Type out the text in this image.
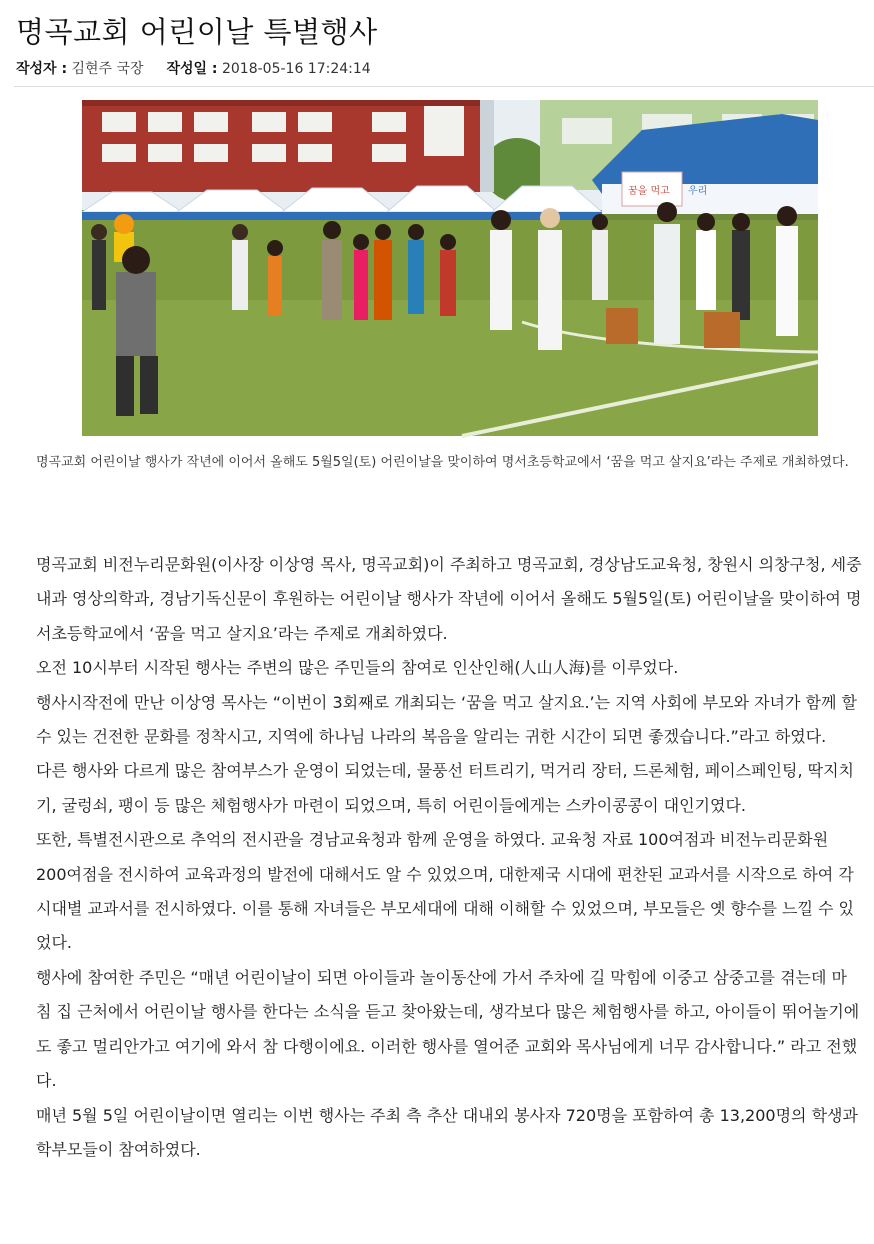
명곡교회 어린이날 특별행사
작성자 : 김현주 국장 작성일 : 2018-05-16 17:24:14
꿈을 먹고 우리
경남기독신문
명곡교회 어린이날 행사가 작년에 이어서 올해도 5월5일(토) 어린이날을 맞이하여 명서초등학교에서 ‘꿈을 먹고 살지요’라는 주제로 개최하였다.

명곡교회 비전누리문화원(이사장 이상영 목사, 명곡교회)이 주최하고 명곡교회, 경상남도교육청, 창원시 의창구청, 세중내과 영상의학과, 경남기독신문이 후원하는 어린이날 행사가 작년에 이어서 올해도 5월5일(토) 어린이날을 맞이하여 명서초등학교에서 ‘꿈을 먹고 살지요’라는 주제로 개최하였다.

오전 10시부터 시작된 행사는 주변의 많은 주민들의 참여로 인산인해(人山人海)를 이루었다.

행사시작전에 만난 이상영 목사는 “이번이 3회째로 개최되는 ‘꿈을 먹고 살지요.’는 지역 사회에 부모와 자녀가 함께 할 수 있는 건전한 문화를 정착시고, 지역에 하나님 나라의 복음을 알리는 귀한 시간이 되면 좋겠습니다.”라고 하였다.

다른 행사와 다르게 많은 참여부스가 운영이 되었는데, 물풍선 터트리기, 먹거리 장터, 드론체험, 페이스페인팅, 딱지치기, 굴렁쇠, 팽이 등 많은 체험행사가 마련이 되었으며, 특히 어린이들에게는 스카이콩콩이 대인기였다.

또한, 특별전시관으로 추억의 전시관을 경남교육청과 함께 운영을 하였다. 교육청 자료 100여점과 비전누리문화원 200여점을 전시하여 교육과정의 발전에 대해서도 알 수 있었으며, 대한제국 시대에 편찬된 교과서를 시작으로 하여 각 시대별 교과서를 전시하였다. 이를 통해 자녀들은 부모세대에 대해 이해할 수 있었으며, 부모들은 옛 향수를 느낄 수 있었다.

행사에 참여한 주민은 “매년 어린이날이 되면 아이들과 놀이동산에 가서 주차에 길 막힘에 이중고 삼중고를 겪는데 마침 집 근처에서 어린이날 행사를 한다는 소식을 듣고 찾아왔는데, 생각보다 많은 체험행사를 하고, 아이들이 뛰어놀기에도 좋고 멀리안가고 여기에 와서 참 다행이에요. 이러한 행사를 열어준 교회와 목사님에게 너무 감사합니다.” 라고 전했다.

매년 5월 5일 어린이날이면 열리는 이번 행사는 주최 측 추산 대내외 봉사자 720명을 포함하여 총 13,200명의 학생과 학부모들이 참여하였다.
